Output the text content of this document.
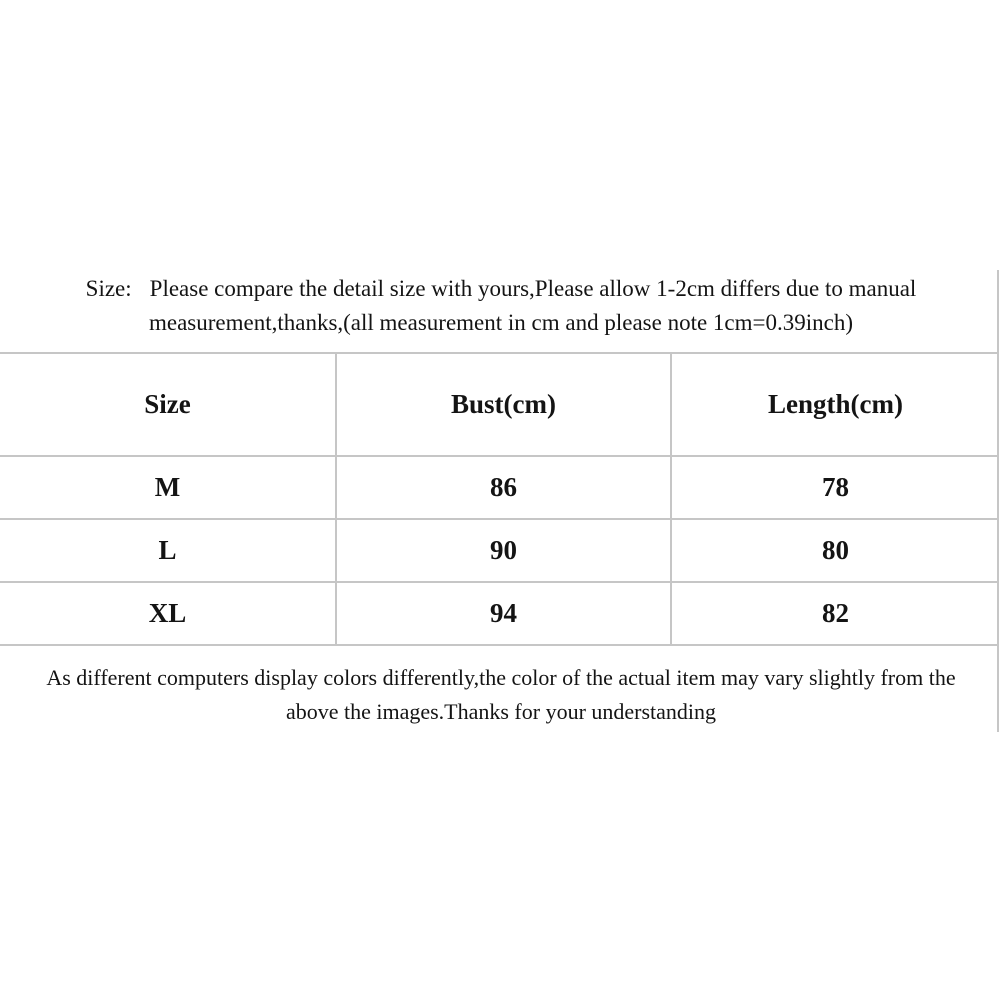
Size: Please compare the detail size with yours,Please allow 1-2cm differs due to manual
measurement,thanks,(all measurement in cm and please note 1cm=0.39inch)
Size	Bust(cm)	Length(cm)
M	86	78
L	90	80
XL	94	82
As different computers display colors differently,the color of the actual item may vary slightly from the
above the images.Thanks for your understanding
